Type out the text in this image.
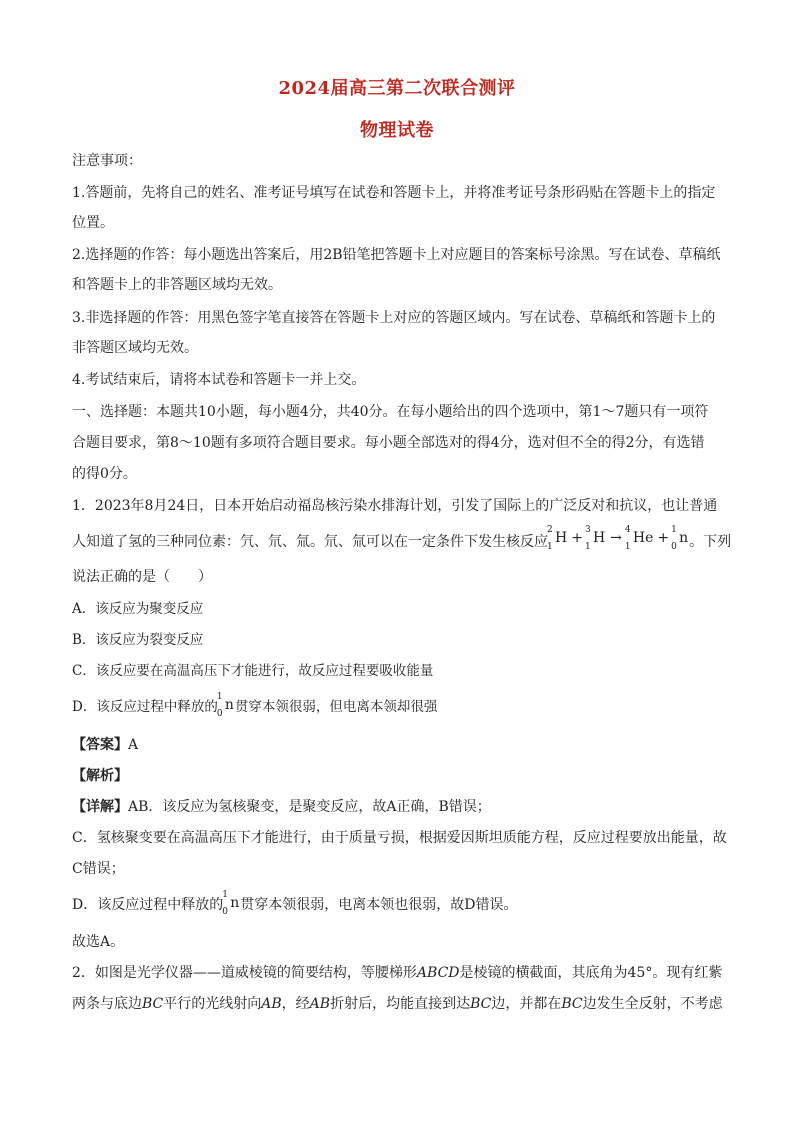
2024届高三第二次联合测评
物理试卷
注意事项：
1.答题前，先将自己的姓名、准考证号填写在试卷和答题卡上，并将准考证号条形码贴在答题卡上的指定
位置。
2.选择题的作答：每小题选出答案后，用2B铅笔把答题卡上对应题目的答案标号涂黑。写在试卷、草稿纸
和答题卡上的非答题区域均无效。
3.非选择题的作答：用黑色签字笔直接答在答题卡上对应的答题区域内。写在试卷、草稿纸和答题卡上的
非答题区域均无效。
4.考试结束后，请将本试卷和答题卡一并上交。
一、选择题：本题共10小题，每小题4分，共40分。在每小题给出的四个选项中，第1～7题只有一项符
合题目要求，第8～10题有多项符合题目要求。每小题全部选对的得4分，选对但不全的得2分，有选错
的得0分。
1．2023年8月24日，日本开始启动福岛核污染水排海计划，引发了国际上的广泛反对和抗议，也让普通
人知道了氢的三种同位素：氕、氘、氚。氘、氚可以在一定条件下发生核反应
2
1
H + 3
1
H → 4
1
He + 1
0
n。下列
说法正确的是（　　）
A．该反应为聚变反应
B．该反应为裂变反应
C．该反应要在高温高压下才能进行，故反应过程要吸收能量
D．该反应过程中释放的
1
0
n贯穿本领很弱，但电离本领却很强
【答案】A
【解析】
【详解】AB．该反应为氢核聚变，是聚变反应，故A正确，B错误；
C．氢核聚变要在高温高压下才能进行，由于质量亏损，根据爱因斯坦质能方程，反应过程要放出能量，故
C错误；
D．该反应过程中释放的
1
0
n贯穿本领很弱，电离本领也很弱，故D错误。
故选A。
2．如图是光学仪器——道威棱镜的简要结构，等腰梯形ABCD是棱镜的横截面，其底角为45°。现有红紫
两条与底边BC平行的光线射向AB，经AB折射后，均能直接到达BC边，并都在BC边发生全反射，不考虑
